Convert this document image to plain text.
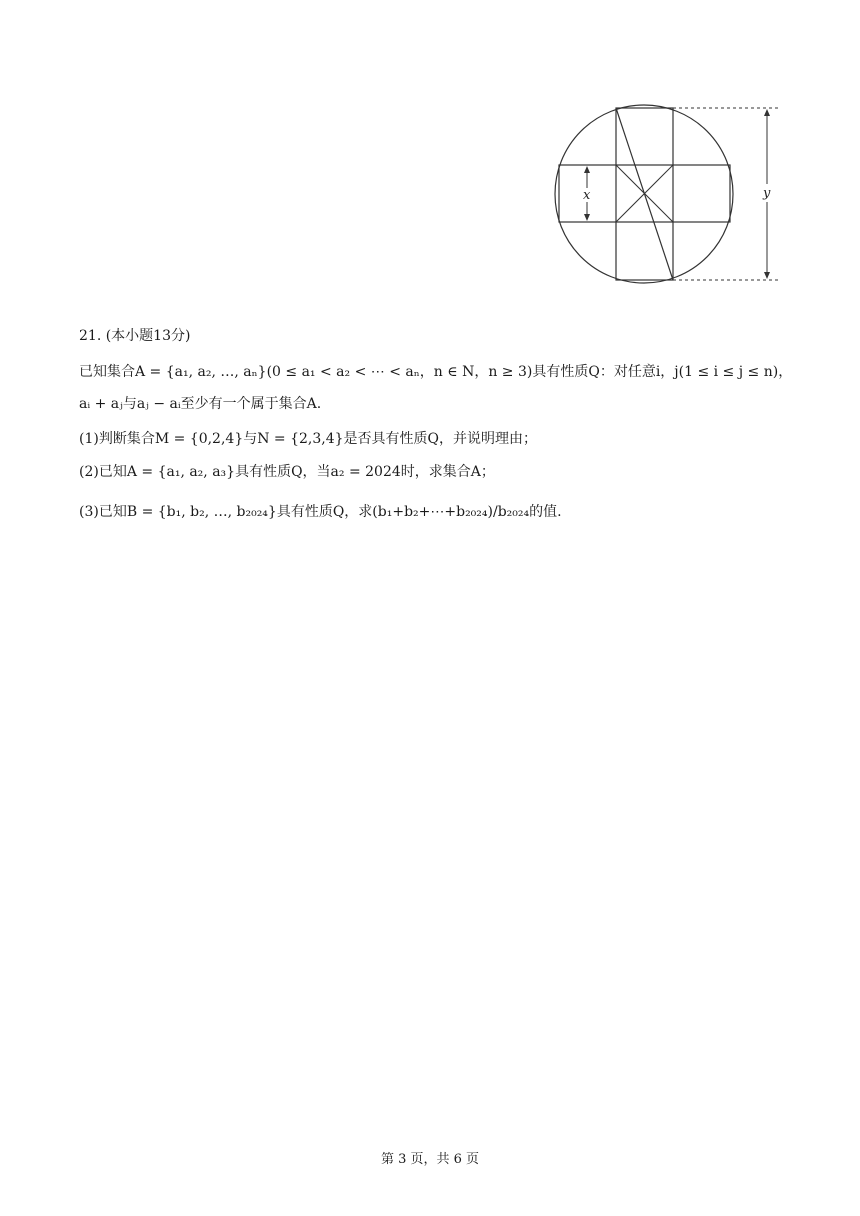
x	y
21. (本小题13分)
已知集合A = {a₁, a₂, …, aₙ}(0 ≤ a₁ < a₂ < ⋯ < aₙ，n ∈ N，n ≥ 3)具有性质Q：对任意i，j(1 ≤ i ≤ j ≤ n)，
aᵢ + aⱼ与aⱼ − aᵢ至少有一个属于集合A.
(1)判断集合M = {0,2,4}与N = {2,3,4}是否具有性质Q，并说明理由；
(2)已知A = {a₁, a₂, a₃}具有性质Q，当a₂ = 2024时，求集合A；
(3)已知B = {b₁, b₂, …, b₂₀₂₄}具有性质Q，求(b₁+b₂+⋯+b₂₀₂₄)/b₂₀₂₄的值.
第 3 页，共 6 页
